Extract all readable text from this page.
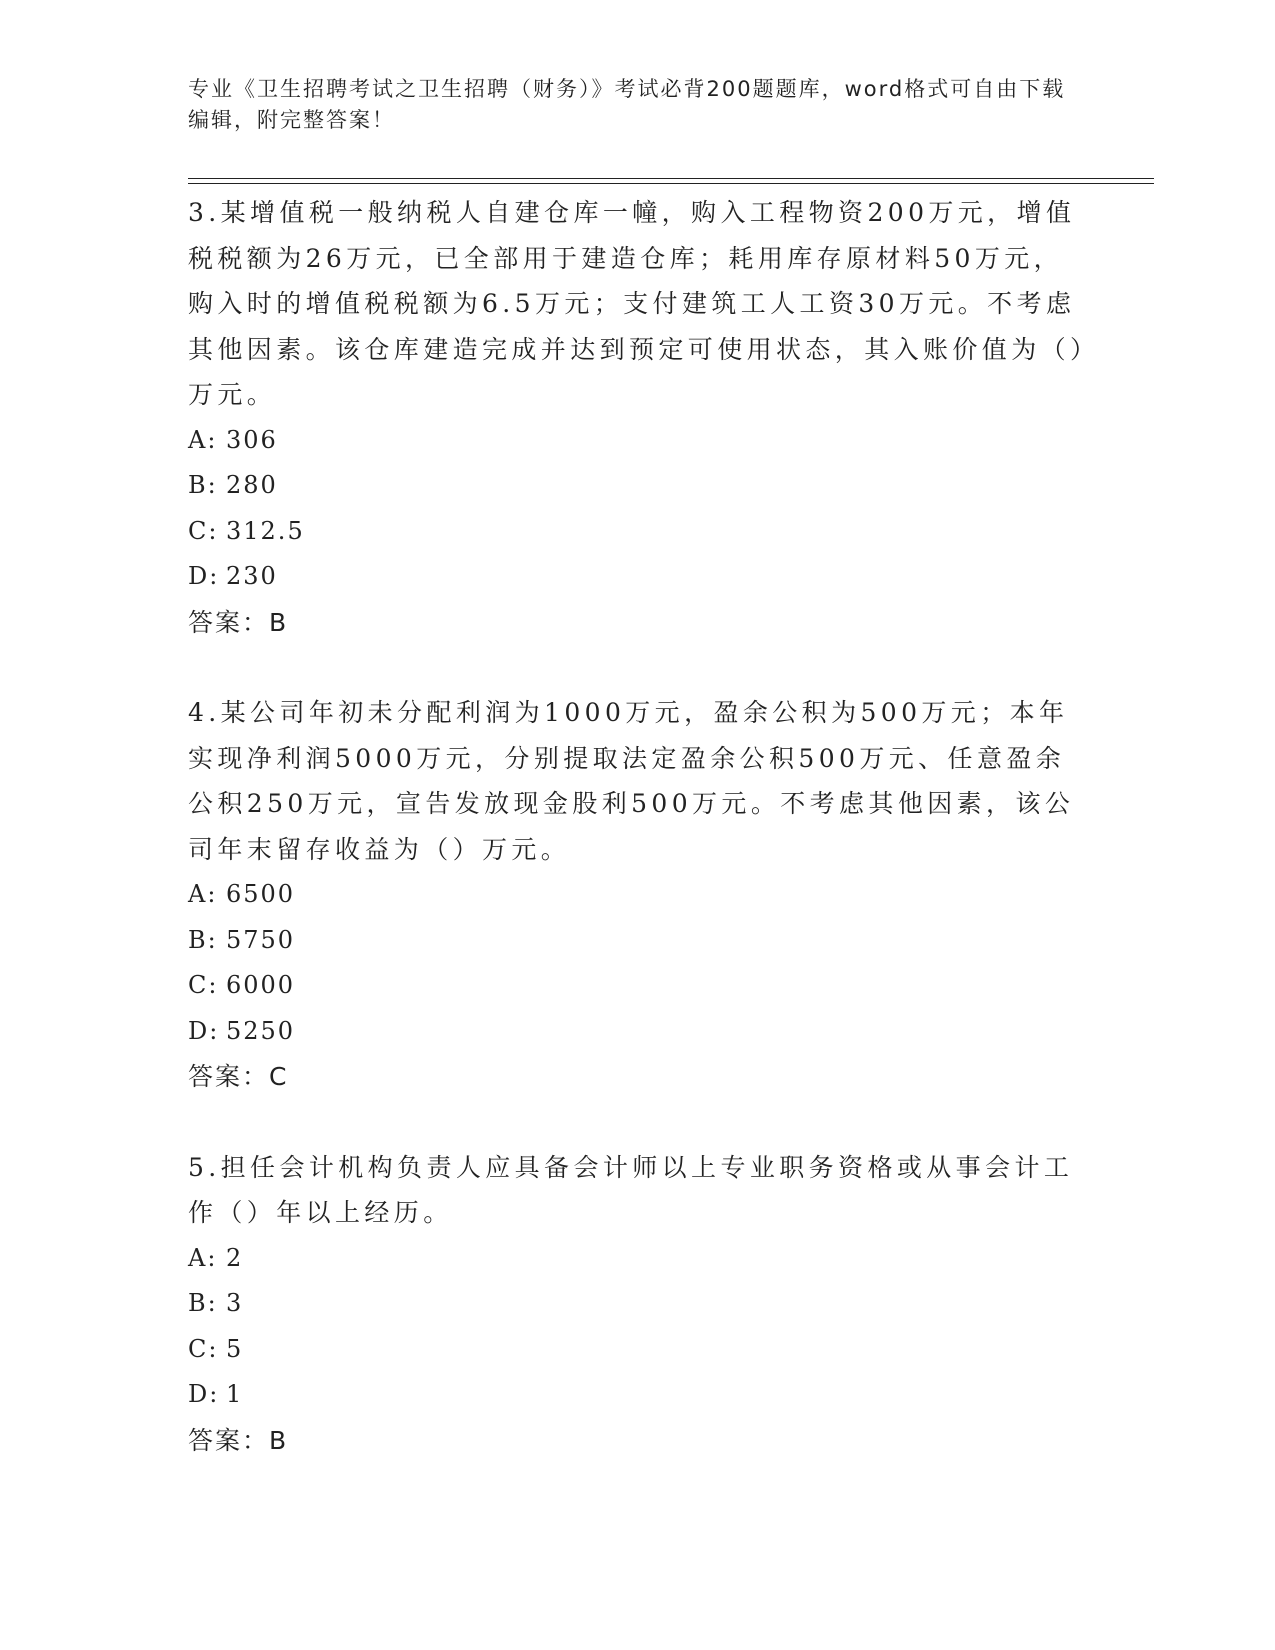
专业《卫生招聘考试之卫生招聘（财务）》考试必背200题题库，word格式可自由下载编辑，附完整答案！

3.某增值税一般纳税人自建仓库一幢，购入工程物资200万元，增值税税额为26万元，已全部用于建造仓库；耗用库存原材料50万元，购入时的增值税税额为6.5万元；支付建筑工人工资30万元。不考虑其他因素。该仓库建造完成并达到预定可使用状态，其入账价值为（）万元。

A: 306

B: 280

C: 312.5

D: 230

答案：B

4.某公司年初未分配利润为1000万元，盈余公积为500万元；本年实现净利润5000万元，分别提取法定盈余公积500万元、任意盈余公积250万元，宣告发放现金股利500万元。不考虑其他因素，该公司年末留存收益为（）万元。

A: 6500

B: 5750

C: 6000

D: 5250

答案：C

5.担任会计机构负责人应具备会计师以上专业职务资格或从事会计工作（）年以上经历。

A: 2

B: 3

C: 5

D: 1

答案：B
